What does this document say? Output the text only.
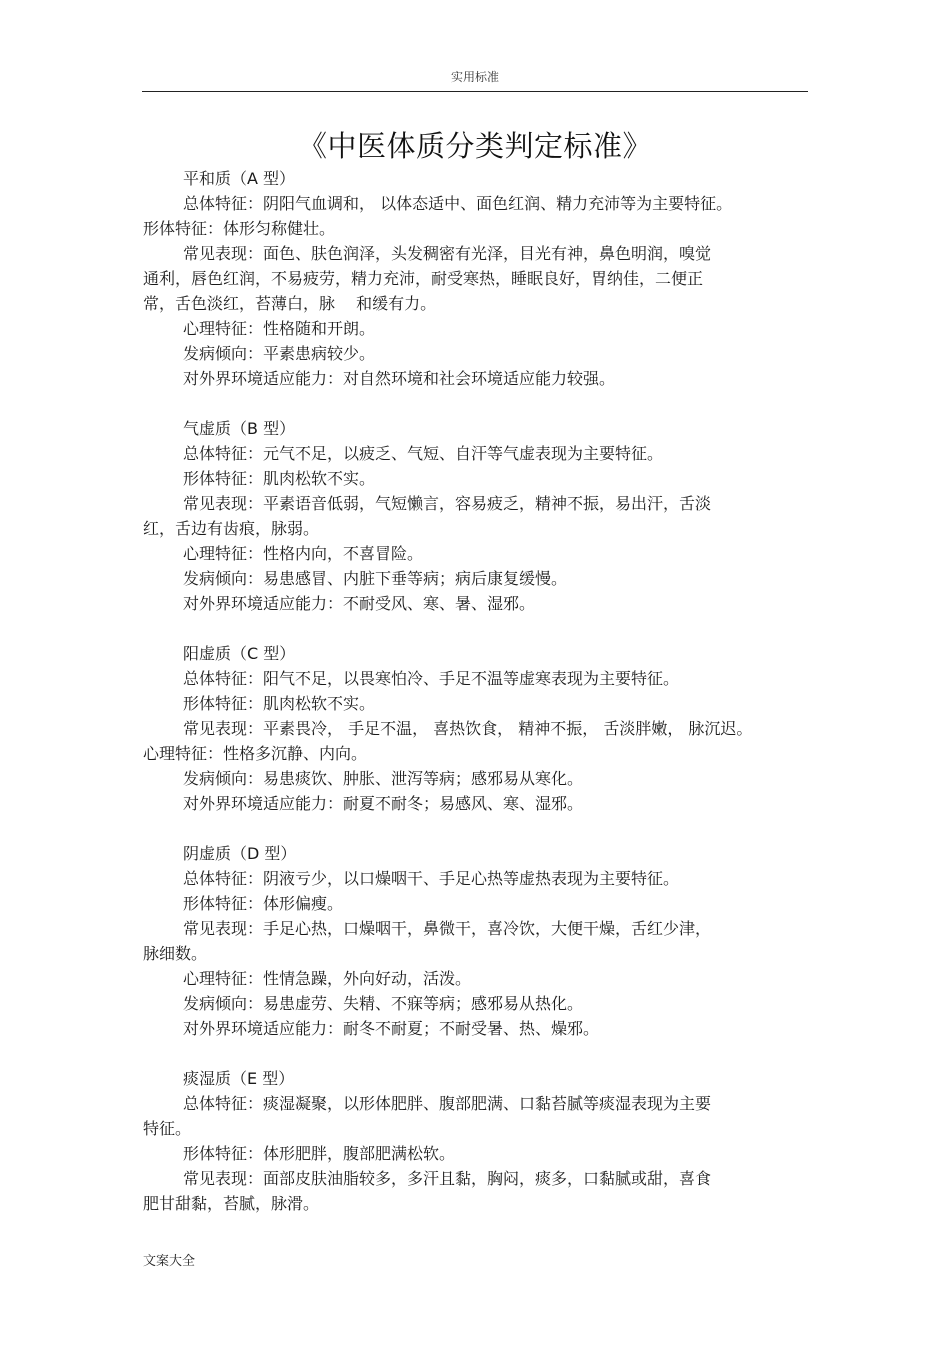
实用标准
《中医体质分类判定标准》
平和质（A 型）
总体特征：阴阳气血调和， 以体态适中、面色红润、精力充沛等为主要特征。
形体特征：体形匀称健壮。
常见表现：面色、肤色润泽，头发稠密有光泽，目光有神，鼻色明润，嗅觉
通利，唇色红润，不易疲劳，精力充沛，耐受寒热，睡眠良好，胃纳佳，二便正
常，舌色淡红，苔薄白，脉　 和缓有力。
心理特征：性格随和开朗。
发病倾向：平素患病较少。
对外界环境适应能力：对自然环境和社会环境适应能力较强。
气虚质（B 型）
总体特征：元气不足，以疲乏、气短、自汗等气虚表现为主要特征。
形体特征：肌肉松软不实。
常见表现：平素语音低弱，气短懒言，容易疲乏，精神不振，易出汗，舌淡
红，舌边有齿痕，脉弱。
心理特征：性格内向，不喜冒险。
发病倾向：易患感冒、内脏下垂等病；病后康复缓慢。
对外界环境适应能力：不耐受风、寒、暑、湿邪。
阳虚质（C 型）
总体特征：阳气不足，以畏寒怕冷、手足不温等虚寒表现为主要特征。
形体特征：肌肉松软不实。
常见表现：平素畏冷， 手足不温， 喜热饮食， 精神不振， 舌淡胖嫩， 脉沉迟。
心理特征：性格多沉静、内向。
发病倾向：易患痰饮、肿胀、泄泻等病；感邪易从寒化。
对外界环境适应能力：耐夏不耐冬；易感风、寒、湿邪。
阴虚质（D 型）
总体特征：阴液亏少，以口燥咽干、手足心热等虚热表现为主要特征。
形体特征：体形偏瘦。
常见表现：手足心热，口燥咽干，鼻微干，喜冷饮，大便干燥，舌红少津，
脉细数。
心理特征：性情急躁，外向好动，活泼。
发病倾向：易患虚劳、失精、不寐等病；感邪易从热化。
对外界环境适应能力：耐冬不耐夏；不耐受暑、热、燥邪。
痰湿质（E 型）
总体特征：痰湿凝聚，以形体肥胖、腹部肥满、口黏苔腻等痰湿表现为主要
特征。
形体特征：体形肥胖，腹部肥满松软。
常见表现：面部皮肤油脂较多，多汗且黏，胸闷，痰多，口黏腻或甜，喜食
肥甘甜黏，苔腻，脉滑。
文案大全
